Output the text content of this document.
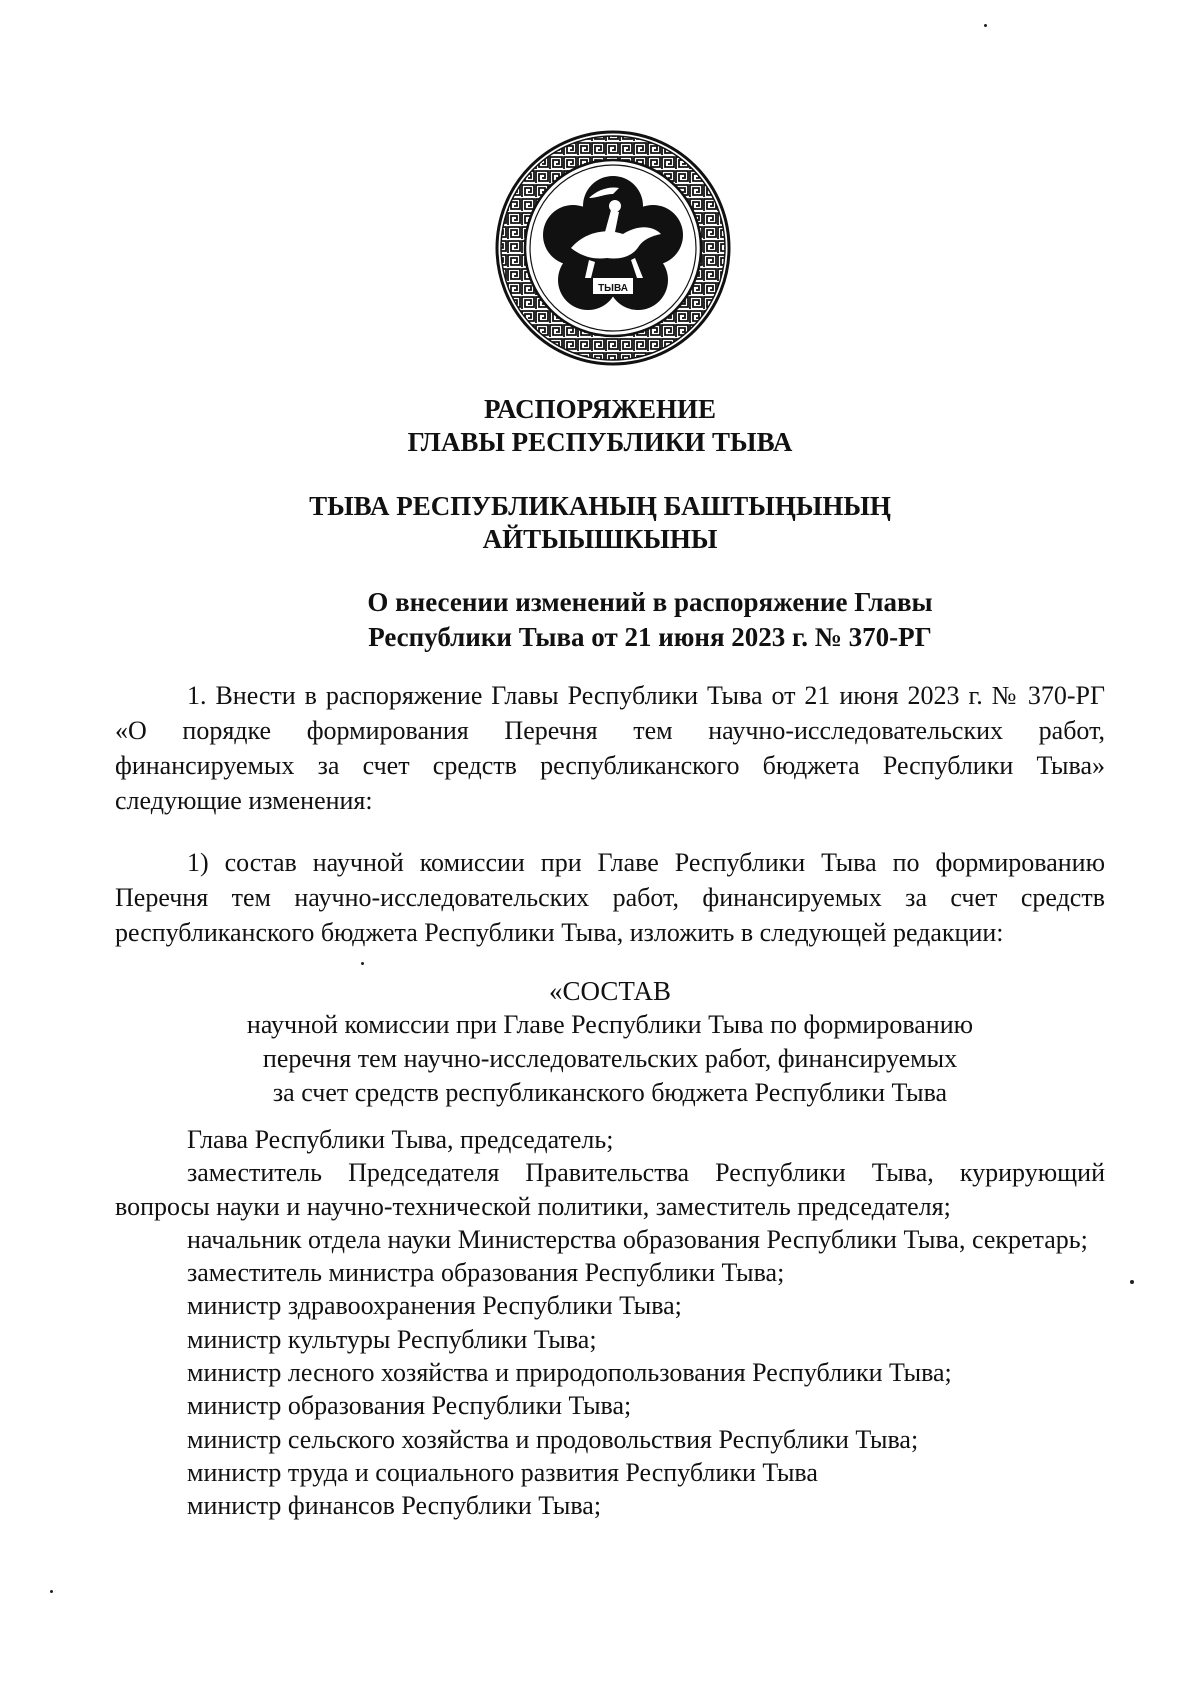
ТЫВА
РАСПОРЯЖЕНИЕ
ГЛАВЫ РЕСПУБЛИКИ ТЫВА
ТЫВА РЕСПУБЛИКАНЫҢ БАШТЫҢЫНЫҢ
АЙТЫЫШКЫНЫ
О внесении изменений в распоряжение Главы
Республики Тыва от 21 июня 2023 г. № 370-РГ

1. Внести в распоряжение Главы Республики Тыва от 21 июня 2023 г. № 370-РГ «О порядке формирования Перечня тем научно-исследовательских работ, финансируемых за счет средств республиканского бюджета Республики Тыва» следующие изменения:

1) состав научной комиссии при Главе Республики Тыва по формированию Перечня тем научно-исследовательских работ, финансируемых за счет средств республиканского бюджета Республики Тыва, изложить в следующей редакции:

«СОСТАВ
научной комиссии при Главе Республики Тыва по формированию
перечня тем научно-исследовательских работ, финансируемых
за счет средств республиканского бюджета Республики Тыва

Глава Республики Тыва, председатель;

заместитель Председателя Правительства Республики Тыва, курирующий вопросы науки и научно-технической политики, заместитель председателя;

начальник отдела науки Министерства образования Республики Тыва, секретарь;

заместитель министра образования Республики Тыва;

министр здравоохранения Республики Тыва;

министр культуры Республики Тыва;

министр лесного хозяйства и природопользования Республики Тыва;

министр образования Республики Тыва;

министр сельского хозяйства и продовольствия Республики Тыва;

министр труда и социального развития Республики Тыва

министр финансов Республики Тыва;
